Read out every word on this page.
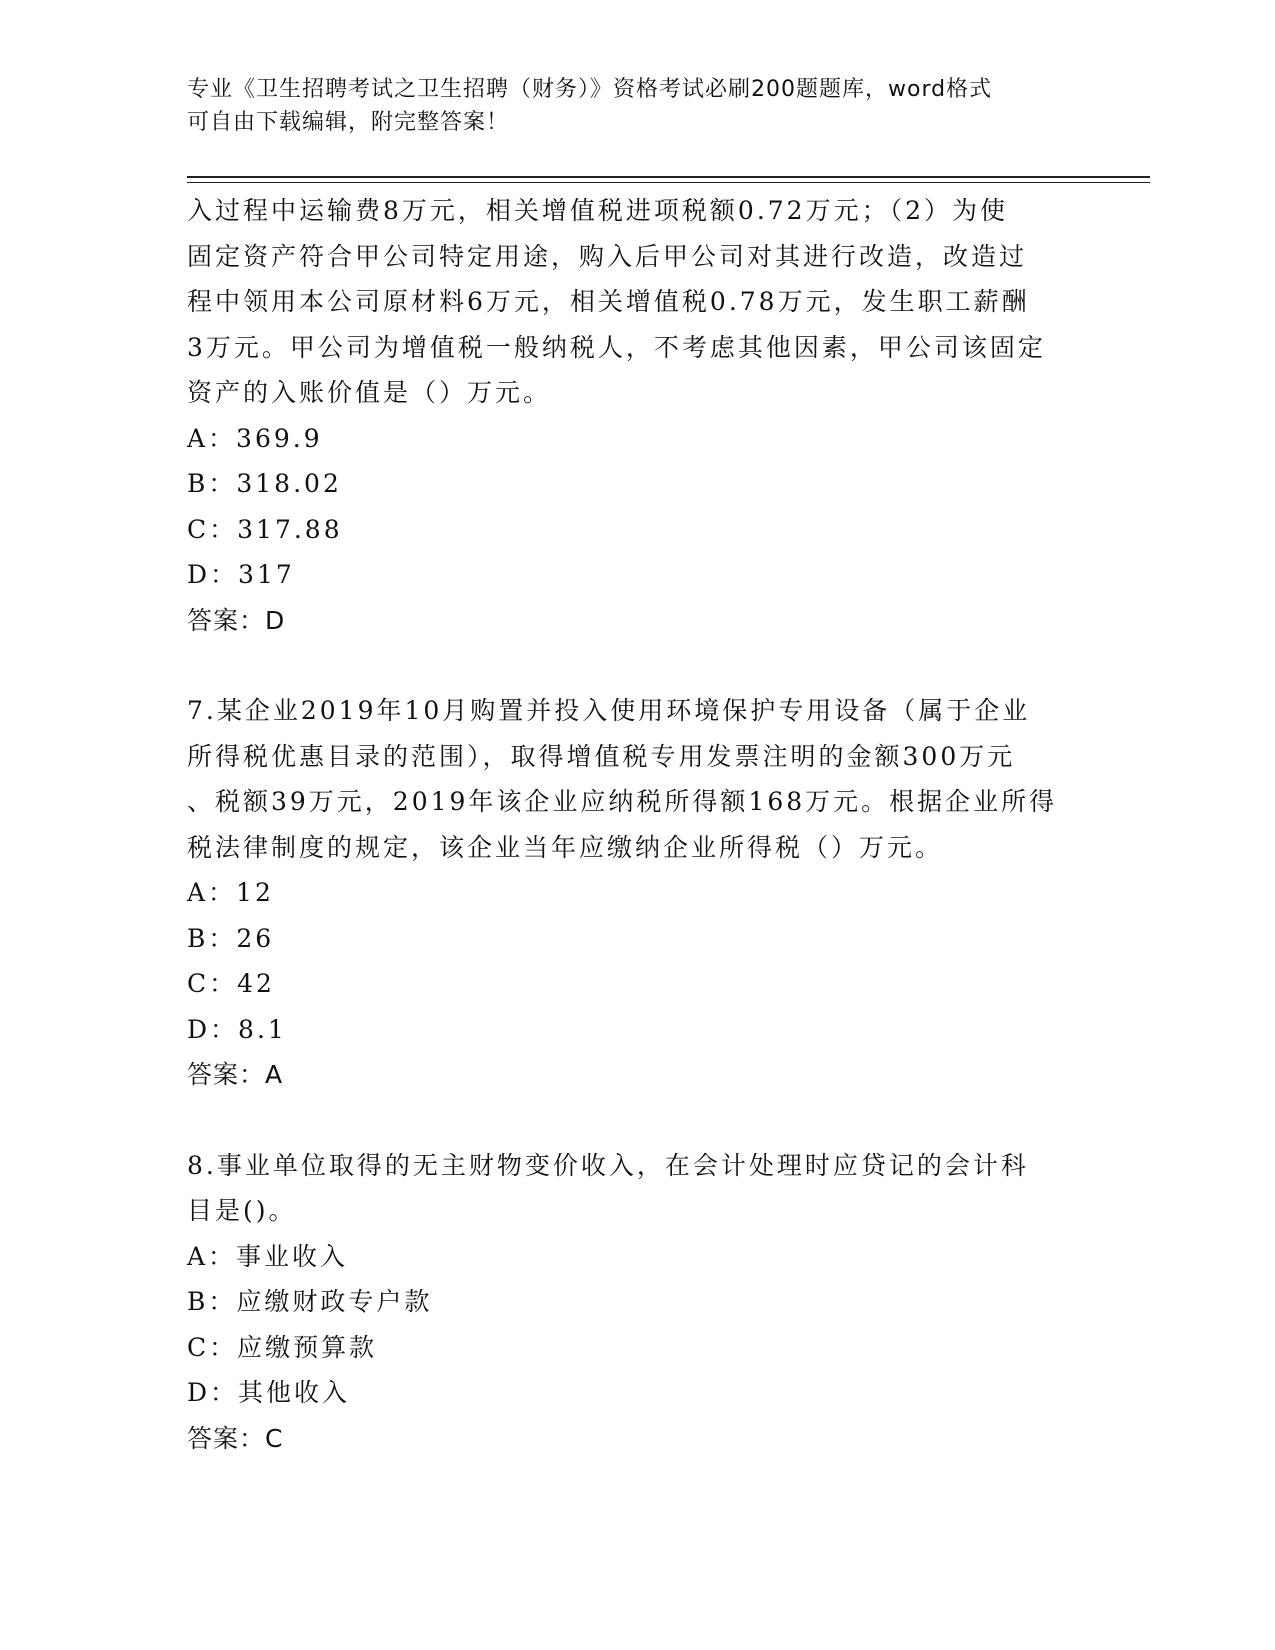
专业《卫生招聘考试之卫生招聘（财务）》资格考试必刷200题题库，word格式
可自由下载编辑，附完整答案！
入过程中运输费8万元，相关增值税进项税额0.72万元；（2）为使
固定资产符合甲公司特定用途，购入后甲公司对其进行改造，改造过
程中领用本公司原材料6万元，相关增值税0.78万元，发生职工薪酬
3万元。甲公司为增值税一般纳税人，不考虑其他因素，甲公司该固定
资产的入账价值是（）万元。
A：369.9
B：318.02
C：317.88
D：317
答案：D
7.某企业2019年10月购置并投入使用环境保护专用设备（属于企业
所得税优惠目录的范围），取得增值税专用发票注明的金额300万元
、税额39万元，2019年该企业应纳税所得额168万元。根据企业所得
税法律制度的规定，该企业当年应缴纳企业所得税（）万元。
A：12
B：26
C：42
D：8.1
答案：A
8.事业单位取得的无主财物变价收入，在会计处理时应贷记的会计科
目是()。
A：事业收入
B：应缴财政专户款
C：应缴预算款
D：其他收入
答案：C
